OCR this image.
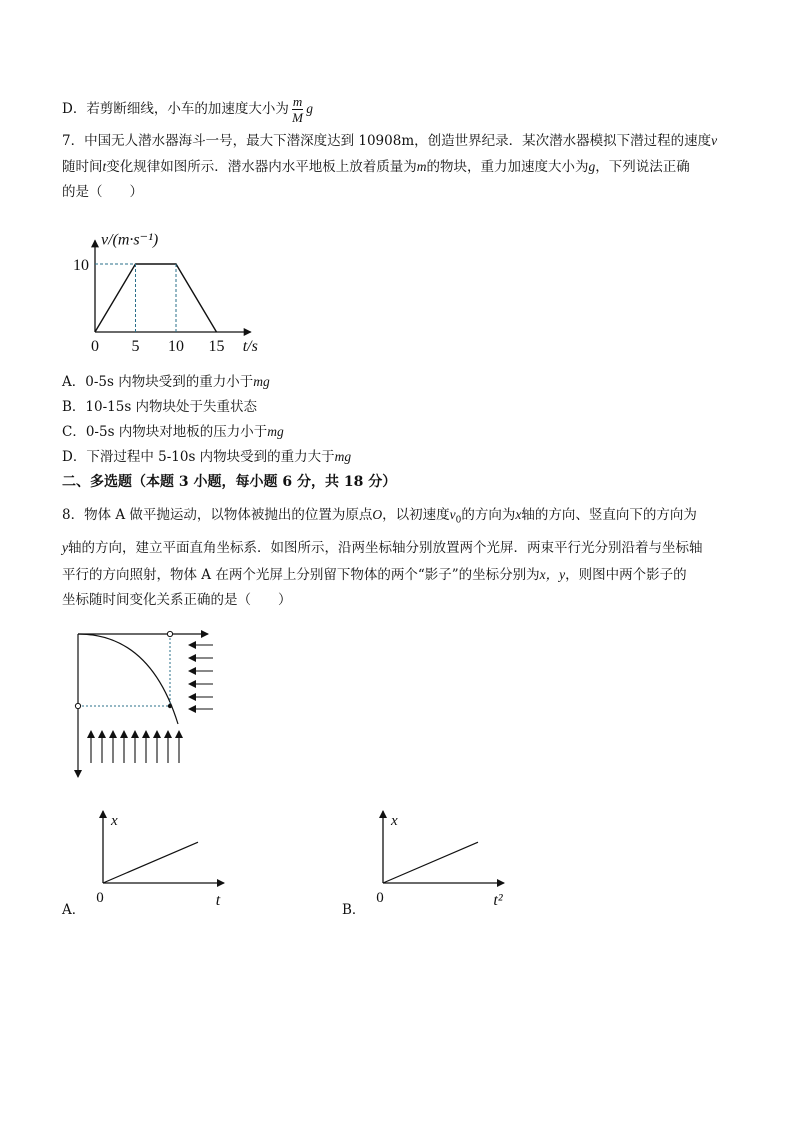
D．若剪断细线，小车的加速度大小为 $\frac{m}{M}$ g
7．中国无人潜水器海斗一号，最大下潜深度达到 10908m，创造世界纪录．某次潜水器模拟下潜过程的速度v
随时间t变化规律如图所示．潜水器内水平地板上放着质量为m的物块，重力加速度大小为g，下列说法正确
的是（　　）
0 5 10 15
10
v/(m·s⁻¹)
t/s
A．0-5s 内物块受到的重力小于mg
B．10-15s 内物块处于失重状态
C．0-5s 内物块对地板的压力小于mg
D．下滑过程中 5-10s 内物块受到的重力大于mg
二、多选题（本题 3 小题，每小题 6 分，共 18 分）
8．物体 A 做平抛运动，以物体被抛出的位置为原点O，以初速度$v_0$的方向为x轴的方向、竖直向下的方向为
y轴的方向，建立平面直角坐标系．如图所示，沿两坐标轴分别放置两个光屏．两束平行光分别沿着与坐标轴
平行的方向照射，物体 A 在两个光屏上分别留下物体的两个“影子”的坐标分别为x，y，则图中两个影子的
坐标随时间变化关系正确的是（　　）
x
0	t
A．
x
0	t²
B．
